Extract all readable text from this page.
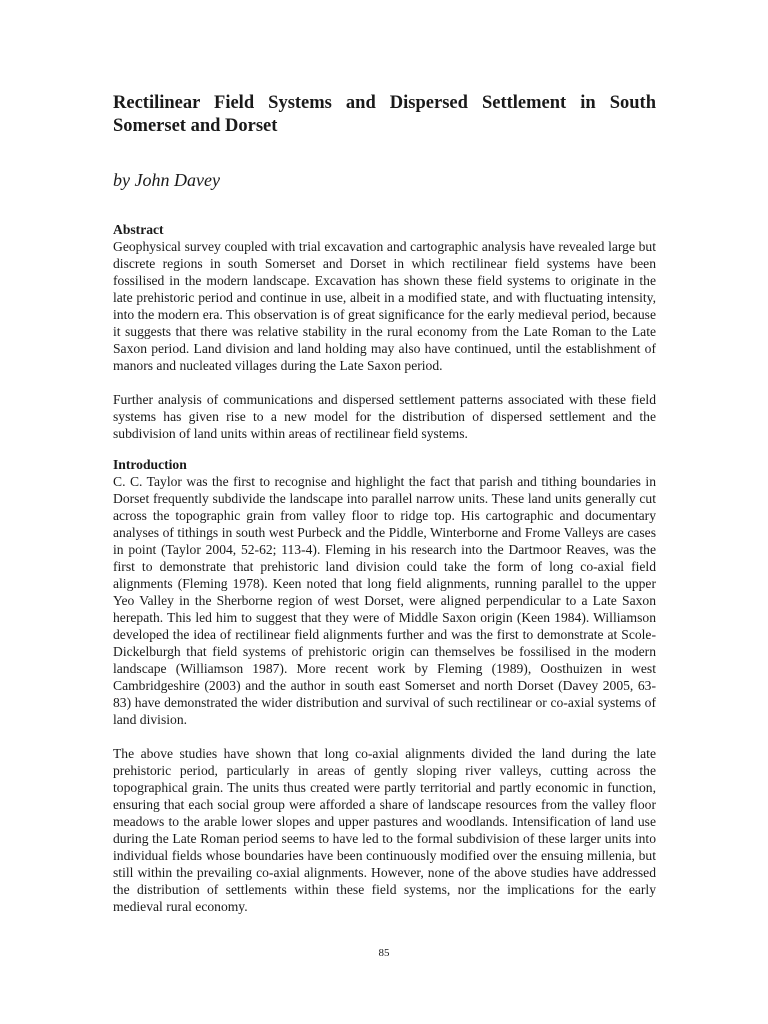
Rectilinear Field Systems and Dispersed Settlement in South Somerset and Dorset

by John Davey

Abstract

Geophysical survey coupled with trial excavation and cartographic analysis have revealed large but discrete regions in south Somerset and Dorset in which rectilinear field systems have been fossilised in the modern landscape. Excavation has shown these field systems to originate in the late prehistoric period and continue in use, albeit in a modified state, and with fluctuating intensity, into the modern era. This observation is of great significance for the early medieval period, because it suggests that there was relative stability in the rural economy from the Late Roman to the Late Saxon period. Land division and land holding may also have continued, until the establishment of manors and nucleated villages during the Late Saxon period.

Further analysis of communications and dispersed settlement patterns associated with these field systems has given rise to a new model for the distribution of dispersed settlement and the subdivision of land units within areas of rectilinear field systems.

Introduction

C. C. Taylor was the first to recognise and highlight the fact that parish and tithing boundaries in Dorset frequently subdivide the landscape into parallel narrow units. These land units generally cut across the topographic grain from valley floor to ridge top. His cartographic and documentary analyses of tithings in south west Purbeck and the Piddle, Winterborne and Frome Valleys are cases in point (Taylor 2004, 52-62; 113-4). Fleming in his research into the Dartmoor Reaves, was the first to demonstrate that prehistoric land division could take the form of long co-axial field alignments (Fleming 1978). Keen noted that long field alignments, running parallel to the upper Yeo Valley in the Sherborne region of west Dorset, were aligned perpendicular to a Late Saxon herepath. This led him to suggest that they were of Middle Saxon origin (Keen 1984). Williamson developed the idea of rectilinear field alignments further and was the first to demonstrate at Scole-Dickelburgh that field systems of prehistoric origin can themselves be fossilised in the modern landscape (Williamson 1987). More recent work by Fleming (1989), Oosthuizen in west Cambridgeshire (2003) and the author in south east Somerset and north Dorset (Davey 2005, 63-83) have demonstrated the wider distribution and survival of such rectilinear or co-axial systems of land division.

The above studies have shown that long co-axial alignments divided the land during the late prehistoric period, particularly in areas of gently sloping river valleys, cutting across the topographical grain. The units thus created were partly territorial and partly economic in function, ensuring that each social group were afforded a share of landscape resources from the valley floor meadows to the arable lower slopes and upper pastures and woodlands. Intensification of land use during the Late Roman period seems to have led to the formal subdivision of these larger units into individual fields whose boundaries have been continuously modified over the ensuing millenia, but still within the prevailing co-axial alignments. However, none of the above studies have addressed the distribution of settlements within these field systems, nor the implications for the early medieval rural economy.

85
